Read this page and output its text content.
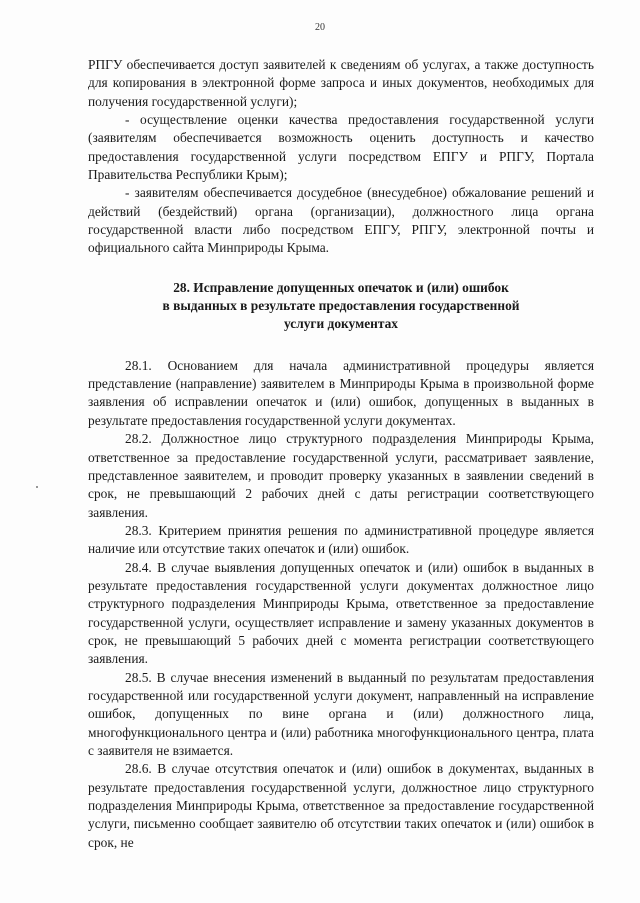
20

РПГУ обеспечивается доступ заявителей к сведениям об услугах, а также доступность для копирования в электронной форме запроса и иных документов, необходимых для получения государственной услуги);

- осуществление оценки качества предоставления государственной услуги (заявителям обеспечивается возможность оценить доступность и качество предоставления государственной услуги посредством ЕПГУ и РПГУ, Портала Правительства Республики Крым);

- заявителям обеспечивается досудебное (внесудебное) обжалование решений и действий (бездействий) органа (организации), должностного лица органа государственной власти либо посредством ЕПГУ, РПГУ, электронной почты и официального сайта Минприроды Крыма.

28. Исправление допущенных опечаток и (или) ошибок
в выданных в результате предоставления государственной
услуги документах

28.1. Основанием для начала административной процедуры является представление (направление) заявителем в Минприроды Крыма в произвольной форме заявления об исправлении опечаток и (или) ошибок, допущенных в выданных в результате предоставления государственной услуги документах.

28.2. Должностное лицо структурного подразделения Минприроды Крыма, ответственное за предоставление государственной услуги, рассматривает заявление, представленное заявителем, и проводит проверку указанных в заявлении сведений в срок, не превышающий 2 рабочих дней с даты регистрации соответствующего заявления.

28.3. Критерием принятия решения по административной процедуре является наличие или отсутствие таких опечаток и (или) ошибок.

28.4. В случае выявления допущенных опечаток и (или) ошибок в выданных в результате предоставления государственной услуги документах должностное лицо структурного подразделения Минприроды Крыма, ответственное за предоставление государственной услуги, осуществляет исправление и замену указанных документов в срок, не превышающий 5 рабочих дней с момента регистрации соответствующего заявления.

28.5. В случае внесения изменений в выданный по результатам предоставления государственной или государственной услуги документ, направленный на исправление ошибок, допущенных по вине органа и (или) должностного лица, многофункционального центра и (или) работника многофункционального центра, плата с заявителя не взимается.

28.6. В случае отсутствия опечаток и (или) ошибок в документах, выданных в результате предоставления государственной услуги, должностное лицо структурного подразделения Минприроды Крыма, ответственное за предоставление государственной услуги, письменно сообщает заявителю об отсутствии таких опечаток и (или) ошибок в срок, не
